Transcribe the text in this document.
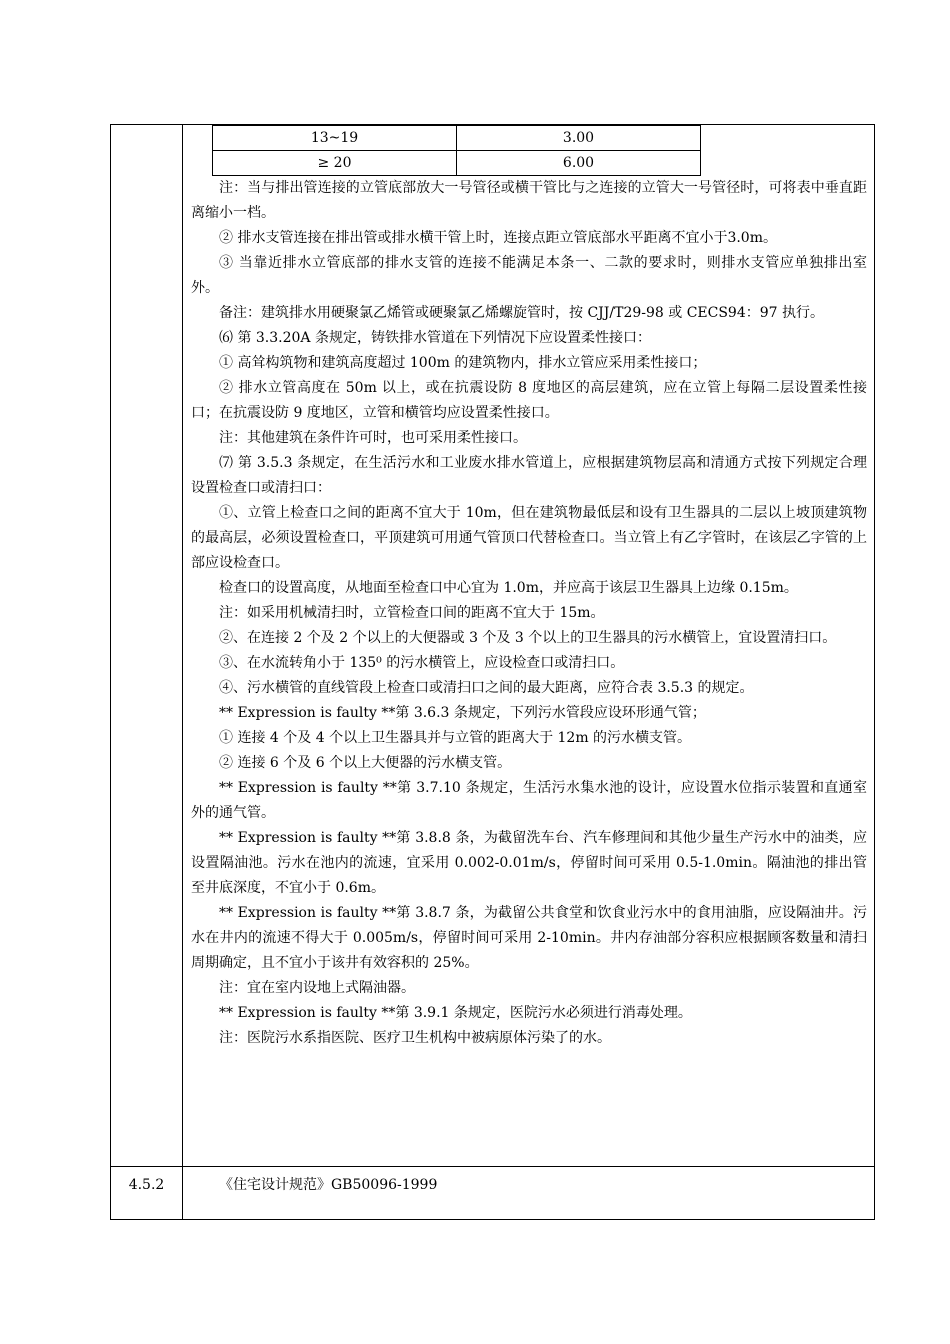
13~19	3.00
≥ 20	6.00

注：当与排出管连接的立管底部放大一号管径或横干管比与之连接的立管大一号管径时，可将表中垂直距离缩小一档。

② 排水支管连接在排出管或排水横干管上时，连接点距立管底部水平距离不宜小于3.0m。

③ 当靠近排水立管底部的排水支管的连接不能满足本条一、二款的要求时，则排水支管应单独排出室外。

备注：建筑排水用硬聚氯乙烯管或硬聚氯乙烯螺旋管时，按 CJJ/T29-98 或 CECS94：97 执行。

⑹ 第 3.3.20A 条规定，铸铁排水管道在下列情况下应设置柔性接口：

① 高耸构筑物和建筑高度超过 100m 的建筑物内，排水立管应采用柔性接口；

② 排水立管高度在 50m 以上，或在抗震设防 8 度地区的高层建筑，应在立管上每隔二层设置柔性接口；在抗震设防 9 度地区，立管和横管均应设置柔性接口。

注：其他建筑在条件许可时，也可采用柔性接口。

⑺ 第 3.5.3 条规定，在生活污水和工业废水排水管道上，应根据建筑物层高和清通方式按下列规定合理设置检查口或清扫口：

①、立管上检查口之间的距离不宜大于 10m，但在建筑物最低层和设有卫生器具的二层以上坡顶建筑物的最高层，必须设置检查口，平顶建筑可用通气管顶口代替检查口。当立管上有乙字管时，在该层乙字管的上部应设检查口。

检查口的设置高度，从地面至检查口中心宜为 1.0m，并应高于该层卫生器具上边缘 0.15m。

注：如采用机械清扫时，立管检查口间的距离不宜大于 15m。

②、在连接 2 个及 2 个以上的大便器或 3 个及 3 个以上的卫生器具的污水横管上，宜设置清扫口。

③、在水流转角小于 135⁰ 的污水横管上，应设检查口或清扫口。

④、污水横管的直线管段上检查口或清扫口之间的最大距离，应符合表 3.5.3 的规定。

** Expression is faulty **第 3.6.3 条规定，下列污水管段应设环形通气管；

① 连接 4 个及 4 个以上卫生器具并与立管的距离大于 12m 的污水横支管。

② 连接 6 个及 6 个以上大便器的污水横支管。

** Expression is faulty **第 3.7.10 条规定，生活污水集水池的设计，应设置水位指示装置和直通室外的通气管。

** Expression is faulty **第 3.8.8 条，为截留洗车台、汽车修理间和其他少量生产污水中的油类，应设置隔油池。污水在池内的流速，宜采用 0.002-0.01m/s，停留时间可采用 0.5-1.0min。隔油池的排出管至井底深度，不宜小于 0.6m。

** Expression is faulty **第 3.8.7 条，为截留公共食堂和饮食业污水中的食用油脂，应设隔油井。污水在井内的流速不得大于 0.005m/s，停留时间可采用 2-10min。井内存油部分容积应根据顾客数量和清扫周期确定，且不宜小于该井有效容积的 25%。

注：宜在室内设地上式隔油器。

** Expression is faulty **第 3.9.1 条规定，医院污水必须进行消毒处理。

注：医院污水系指医院、医疗卫生机构中被病原体污染了的水。

4.5.2	《住宅设计规范》GB50096-1999
